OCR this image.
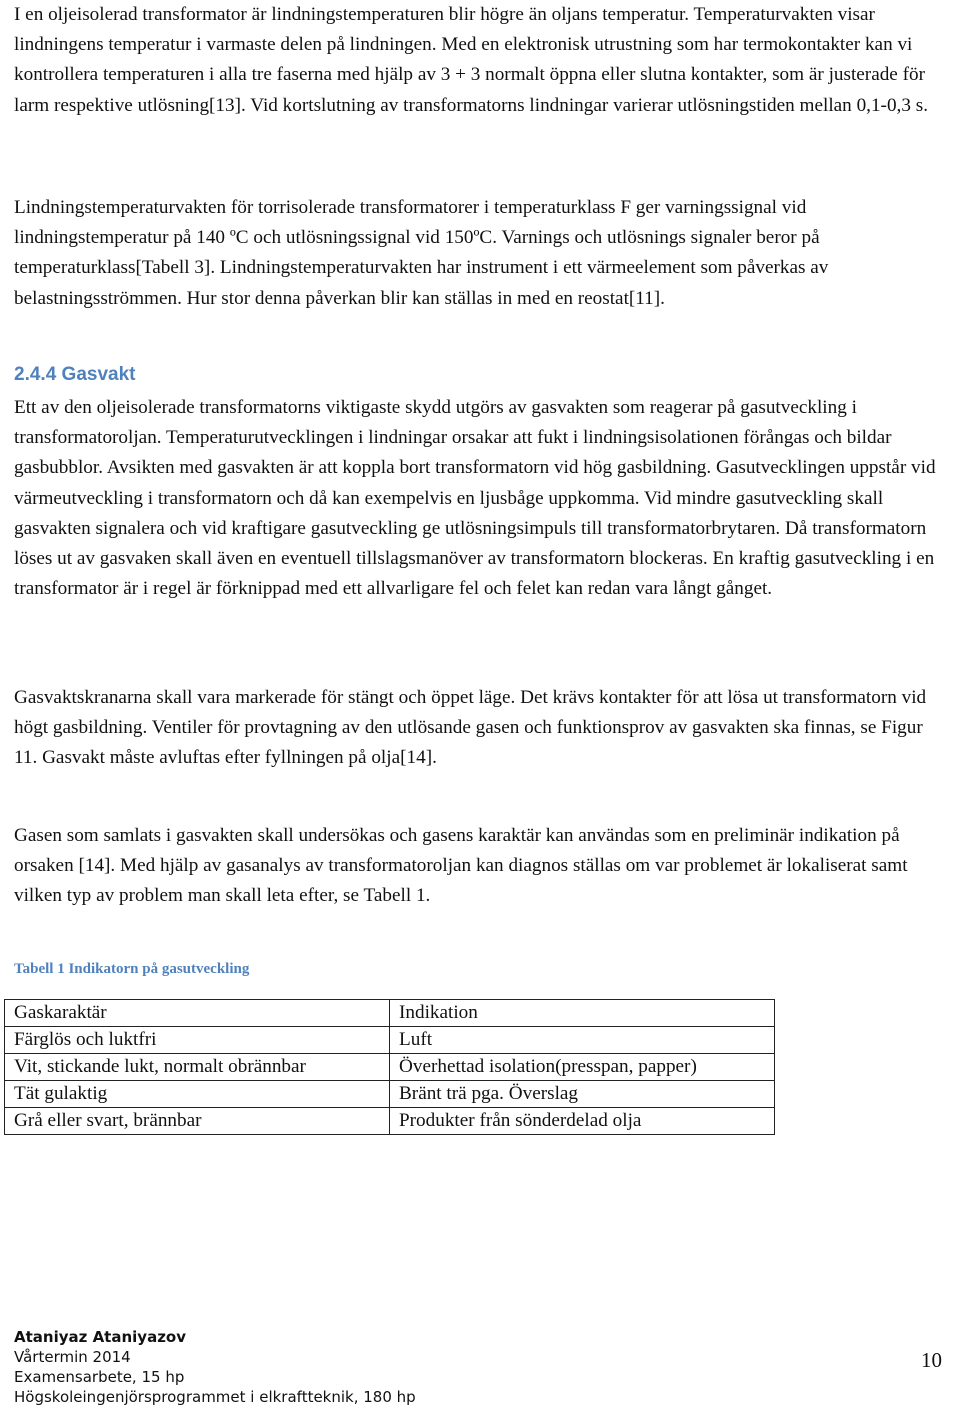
I en oljeisolerad transformator är lindningstemperaturen blir högre än oljans temperatur. Temperaturvakten visar lindningens temperatur i varmaste delen på lindningen. Med en elektronisk utrustning som har termokontakter kan vi kontrollera temperaturen i alla tre faserna med hjälp av 3 + 3 normalt öppna eller slutna kontakter, som är justerade för larm respektive utlösning[13]. Vid kortslutning av transformatorns lindningar varierar utlösningstiden mellan 0,1-0,3 s.

Lindningstemperaturvakten för torrisolerade transformatorer i temperaturklass F ger varningssignal vid lindningstemperatur på 140 ºC och utlösningssignal vid 150ºC. Varnings och utlösnings signaler beror på temperaturklass[Tabell 3]. Lindningstemperaturvakten har instrument i ett värmeelement som påverkas av belastningsströmmen. Hur stor denna påverkan blir kan ställas in med en reostat[11].

2.4.4 Gasvakt

Ett av den oljeisolerade transformatorns viktigaste skydd utgörs av gasvakten som reagerar på gasutveckling i transformatoroljan. Temperaturutvecklingen i lindningar orsakar att fukt i lindningsisolationen förångas och bildar gasbubblor. Avsikten med gasvakten är att koppla bort transformatorn vid hög gasbildning. Gasutvecklingen uppstår vid värmeutveckling i transformatorn och då kan exempelvis en ljusbåge uppkomma. Vid mindre gasutveckling skall gasvakten signalera och vid kraftigare gasutveckling ge utlösningsimpuls till transformatorbrytaren. Då transformatorn löses ut av gasvaken skall även en eventuell tillslagsmanöver av transformatorn blockeras. En kraftig gasutveckling i en transformator är i regel är förknippad med ett allvarligare fel och felet kan redan vara långt gånget.

Gasvaktskranarna skall vara markerade för stängt och öppet läge. Det krävs kontakter för att lösa ut transformatorn vid högt gasbildning. Ventiler för provtagning av den utlösande gasen och funktionsprov av gasvakten ska finnas, se Figur 11. Gasvakt måste avluftas efter fyllningen på olja[14].

Gasen som samlats i gasvakten skall undersökas och gasens karaktär kan användas som en preliminär indikation på orsaken [14]. Med hjälp av gasanalys av transformatoroljan kan diagnos ställas om var problemet är lokaliserat samt vilken typ av problem man skall leta efter, se Tabell 1.

Tabell 1 Indikatorn på gasutveckling
Gaskaraktär	Indikation
Färglös och luktfri	Luft
Vit, stickande lukt, normalt obrännbar	Överhettad isolation(presspan, papper)
Tät gulaktig	Bränt trä pga. Överslag
Grå eller svart, brännbar	Produkter från sönderdelad olja
Ataniyaz Ataniyazov
Vårtermin 2014
Examensarbete, 15 hp
Högskoleingenjörsprogrammet i elkraftteknik, 180 hp
10
